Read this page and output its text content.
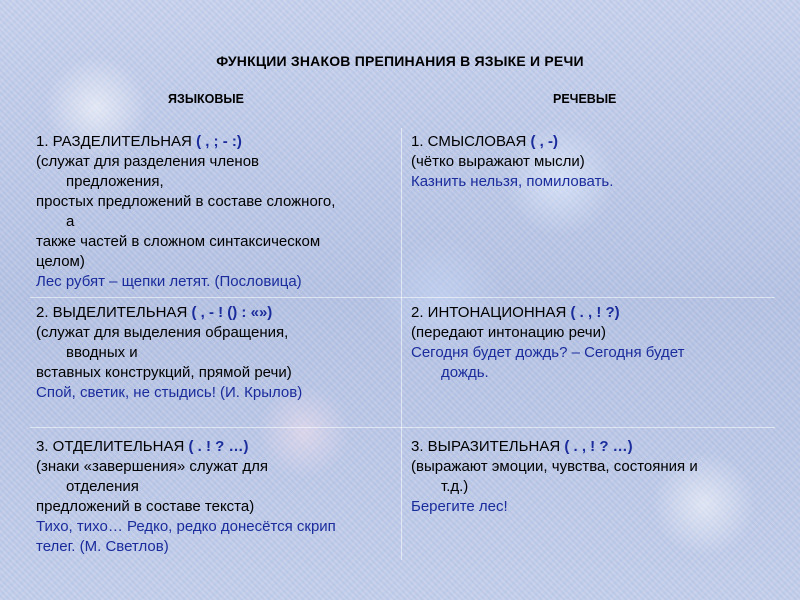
ФУНКЦИИ ЗНАКОВ ПРЕПИНАНИЯ В ЯЗЫКЕ И РЕЧИ
ЯЗЫКОВЫЕ	РЕЧЕВЫЕ
1. РАЗДЕЛИТЕЛЬНАЯ ( , ; - :)
(служат для разделения членов
предложения,
простых предложений в составе сложного,
а
также частей в сложном синтаксическом
целом)
Лес рубят – щепки летят. (Пословица)
2. ВЫДЕЛИТЕЛЬНАЯ ( , - ! () : «»)
(служат для выделения обращения,
вводных и
вставных конструкций, прямой речи)
Спой, светик, не стыдись! (И. Крылов)
3. ОТДЕЛИТЕЛЬНАЯ ( . ! ? …)
(знаки «завершения» служат для
отделения
предложений в составе текста)
Тихо, тихо… Редко, редко донесётся скрип
телег. (М. Светлов)
1. СМЫСЛОВАЯ ( , -)
(чётко выражают мысли)
Казнить нельзя, помиловать.
2. ИНТОНАЦИОННАЯ ( . , ! ?)
(передают интонацию речи)
Сегодня будет дождь? – Сегодня будет
дождь.
3. ВЫРАЗИТЕЛЬНАЯ ( . , ! ? …)
(выражают эмоции, чувства, состояния и
т.д.)
Берегите лес!
